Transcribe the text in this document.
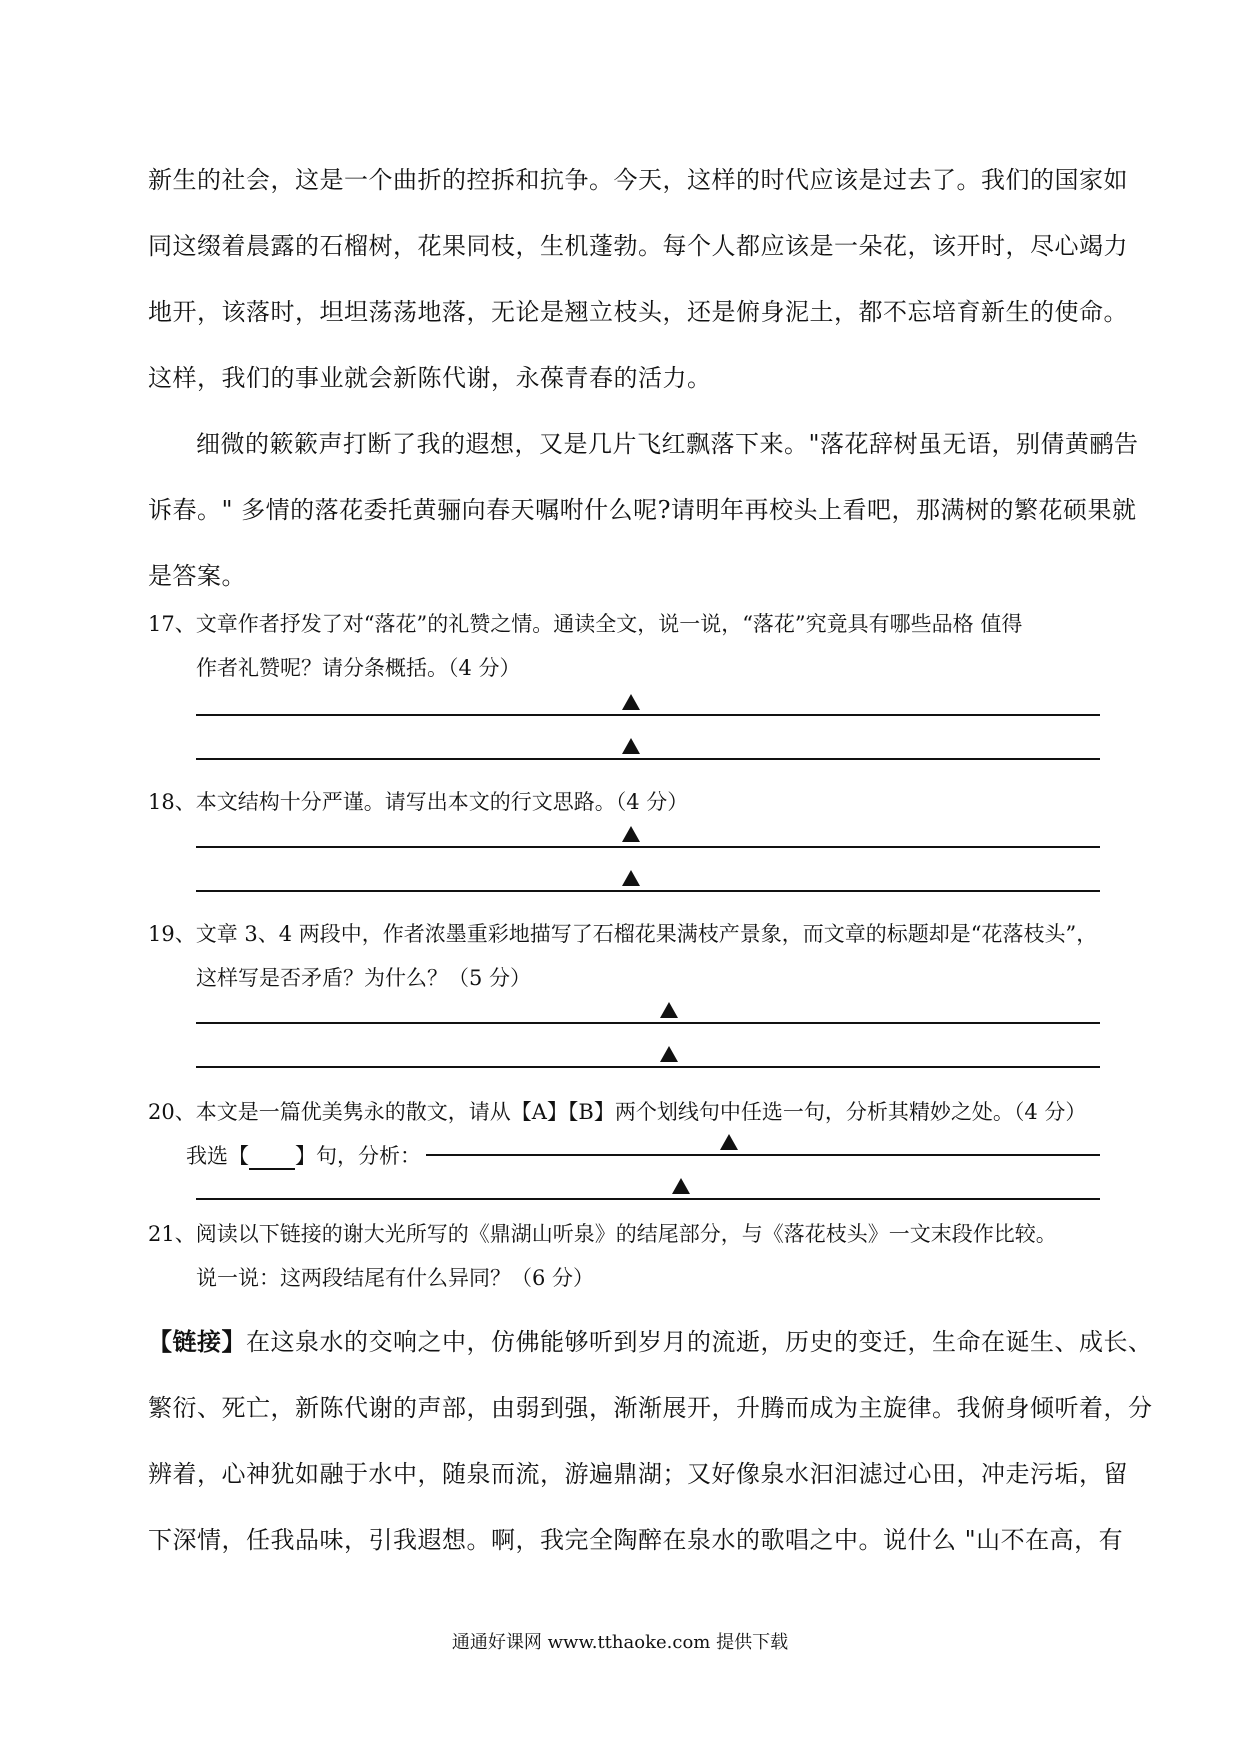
新生的社会，这是一个曲折的控拆和抗争。今天，这样的时代应该是过去了。我们的国家如
同这缀着晨露的石榴树，花果同枝，生机蓬勃。每个人都应该是一朵花，该开时，尽心竭力
地开，该落时，坦坦荡荡地落，无论是翘立枝头，还是俯身泥土，都不忘培育新生的使命。
这样，我们的事业就会新陈代谢，永葆青春的活力。
细微的簌簌声打断了我的遐想，又是几片飞红飘落下来。"落花辞树虽无语，别倩黄鹂告
诉春。" 多情的落花委托黄骊向春天嘱咐什么呢?请明年再校头上看吧，那满树的繁花硕果就
是答案。
17、文章作者抒发了对“落花”的礼赞之情。通读全文，说一说，“落花”究竟具有哪些品格 值得
作者礼赞呢？请分条概括。（4 分）
18、本文结构十分严谨。请写出本文的行文思路。（4 分）
19、文章 3、4 两段中，作者浓墨重彩地描写了石榴花果满枝产景象，而文章的标题却是“花落枝头”，
这样写是否矛盾？为什么？（5 分）
20、本文是一篇优美隽永的散文，请从【A】【B】两个划线句中任选一句，分析其精妙之处。（4 分）
我选【 】句，分析：
21、阅读以下链接的谢大光所写的《鼎湖山听泉》的结尾部分，与《落花枝头》一文末段作比较。
说一说：这两段结尾有什么异同？（6 分）
【链接】在这泉水的交响之中，仿佛能够听到岁月的流逝，历史的变迁，生命在诞生、成长、
繁衍、死亡，新陈代谢的声部，由弱到强，渐渐展开，升腾而成为主旋律。我俯身倾听着，分
辨着，心神犹如融于水中，随泉而流，游遍鼎湖；又好像泉水汩汩滤过心田，冲走污垢，留
下深情，任我品味，引我遐想。啊，我完全陶醉在泉水的歌唱之中。说什么 "山不在高，有
通通好课网 www.tthaoke.com 提供下载
